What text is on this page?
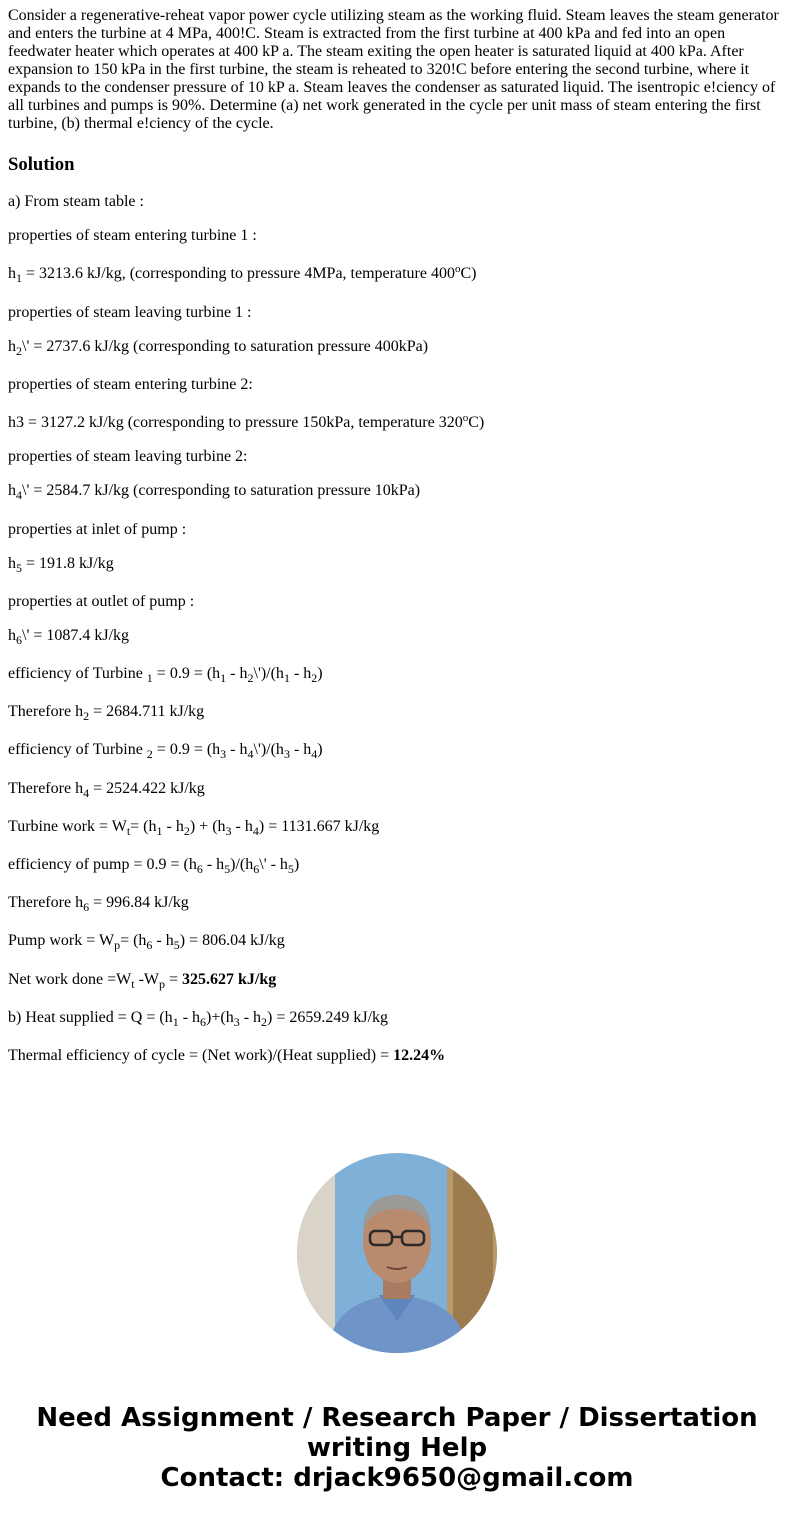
Consider a regenerative-reheat vapor power cycle utilizing steam as the working fluid. Steam leaves the steam generator and enters the turbine at 4 MPa, 400!C. Steam is extracted from the first turbine at 400 kPa and fed into an open feedwater heater which operates at 400 kP a. The steam exiting the open heater is saturated liquid at 400 kPa. After expansion to 150 kPa in the first turbine, the steam is reheated to 320!C before entering the second turbine, where it expands to the condenser pressure of 10 kP a. Steam leaves the condenser as saturated liquid. The isentropic e!ciency of all turbines and pumps is 90%. Determine (a) net work generated in the cycle per unit mass of steam entering the first turbine, (b) thermal e!ciency of the cycle.

Solution
a) From steam table :
properties of steam entering turbine 1 :
$h_1 = 3213.6$ kJ/kg, (corresponding to pressure 4MPa, temperature 400$^o$C)
properties of steam leaving turbine 1 :
$h_2\backslash' = 2737.6$ kJ/kg (corresponding to saturation pressure 400kPa)
properties of steam entering turbine 2:
h3 = 3127.2 kJ/kg (corresponding to pressure 150kPa, temperature 320$^o$C)
properties of steam leaving turbine 2:
$h_4\backslash' = 2584.7$ kJ/kg (corresponding to saturation pressure 10kPa)
properties at inlet of pump :
$h_5 = 191.8$ kJ/kg
properties at outlet of pump :
$h_6\backslash' = 1087.4$ kJ/kg
efficiency of Turbine $_1 = 0.9 = (h_1$ - $h_2\backslash')/(h_1 - h_2)$
Therefore $h_2 = 2684.711$ kJ/kg
efficiency of Turbine $_2 = 0.9 = (h_3$ - $h_4\backslash')/(h_3 - h_4)$
Therefore $h_4 = 2524.422$ kJ/kg
Turbine work = $W_t= (h_1 - h_2) + (h_3 - h_4) = 1131.667$ kJ/kg
efficiency of pump = $0.9 = (h_6$ - $h_5)/(h_6\backslash' - h_5)$
Therefore $h_6 = 996.84$ kJ/kg
Pump work = $W_p= (h_6 - h_5) = 806.04$ kJ/kg
Net work done $=W_t$ $-W_p = 325.627$ kJ/kg
b) Heat supplied = $Q = (h_1 - h_6)+(h_3 - h_2) = 2659.249$ kJ/kg
Thermal efficiency of cycle = (Net work)/(Heat supplied) = 12.24%
Need Assignment / Research Paper / Dissertation
writing Help
Contact: drjack9650@gmail.com
